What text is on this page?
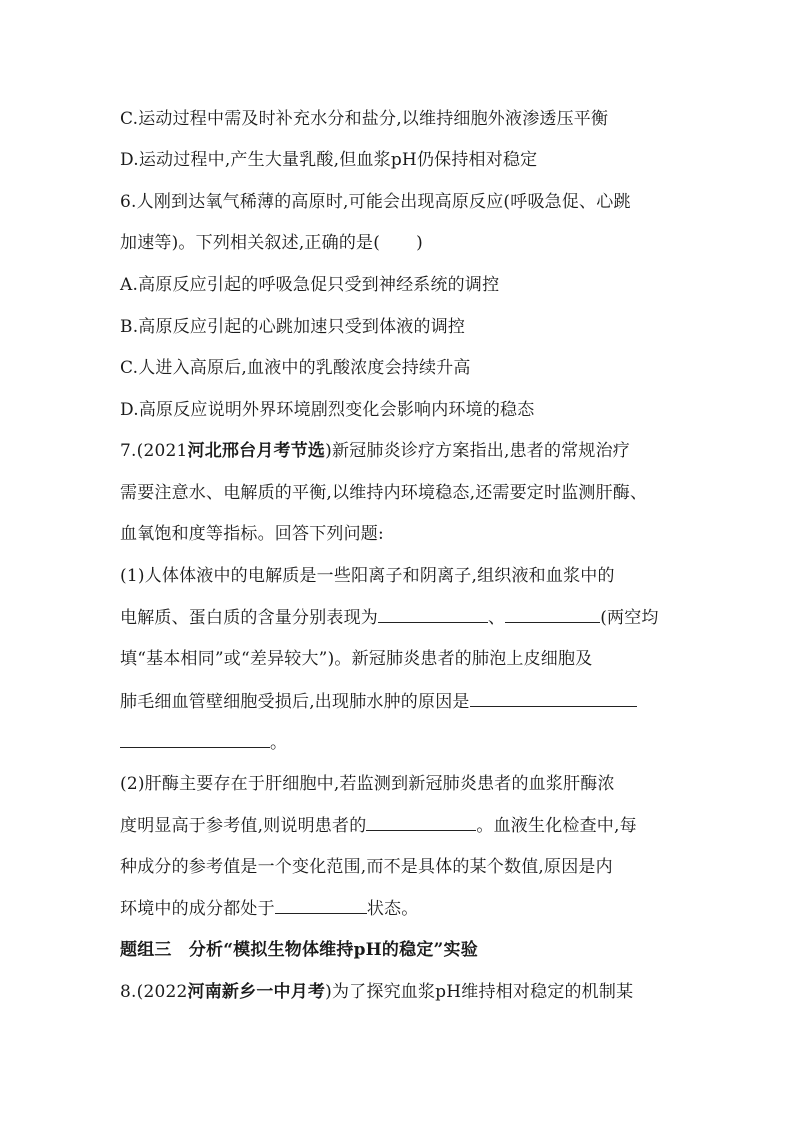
C.运动过程中需及时补充水分和盐分,以维持细胞外液渗透压平衡
D.运动过程中,产生大量乳酸,但血浆pH仍保持相对稳定
6.人刚到达氧气稀薄的高原时,可能会出现高原反应(呼吸急促、心跳
加速等)。下列相关叙述,正确的是( )
A.高原反应引起的呼吸急促只受到神经系统的调控
B.高原反应引起的心跳加速只受到体液的调控
C.人进入高原后,血液中的乳酸浓度会持续升高
D.高原反应说明外界环境剧烈变化会影响内环境的稳态
7.(2021河北邢台月考节选)新冠肺炎诊疗方案指出,患者的常规治疗
需要注意水、电解质的平衡,以维持内环境稳态,还需要定时监测肝酶、
血氧饱和度等指标。回答下列问题:
(1)人体体液中的电解质是一些阳离子和阴离子,组织液和血浆中的
电解质、蛋白质的含量分别表现为	、	(两空均
填“基本相同”或“差异较大”)。新冠肺炎患者的肺泡上皮细胞及
肺毛细血管壁细胞受损后,出现肺水肿的原因是
。
(2)肝酶主要存在于肝细胞中,若监测到新冠肺炎患者的血浆肝酶浓
度明显高于参考值,则说明患者的	。血液生化检查中,每
种成分的参考值是一个变化范围,而不是具体的某个数值,原因是内
环境中的成分都处于	状态。
题组三　分析“模拟生物体维持pH的稳定”实验
8.(2022河南新乡一中月考)为了探究血浆pH维持相对稳定的机制某
